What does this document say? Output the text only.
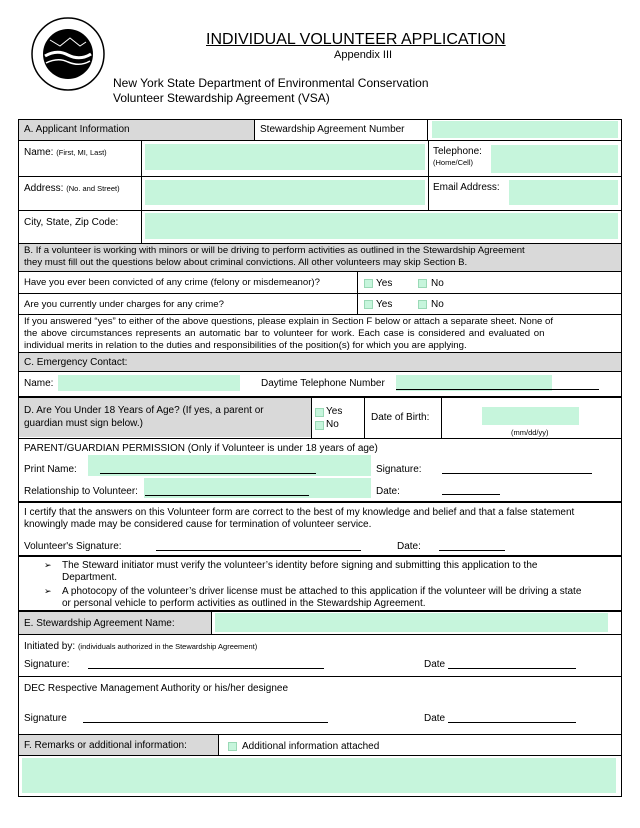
INDIVIDUAL VOLUNTEER APPLICATION
Appendix III
New York State Department of Environmental Conservation
Volunteer Stewardship Agreement (VSA)
A. Applicant Information	Stewardship Agreement Number
Name: (First, MI, Last)	Telephone:
(Home/Cell)
Address: (No. and Street)	Email Address:
City, State, Zip Code:
B. If a volunteer is working with minors or will be driving to perform activities as outlined in the Stewardship Agreement
they must fill out the questions below about criminal convictions. All other volunteers may skip Section B.
Have you ever been convicted of any crime (felony or misdemeanor)?	Yes	No
Are you currently under charges for any crime?	Yes	No
If you answered “yes” to either of the above questions, please explain in Section F below or attach a separate sheet. None of
the above circumstances represents an automatic bar to volunteer for work. Each case is considered and evaluated on
individual merits in relation to the duties and responsibilities of the position(s) for which you are applying.
C. Emergency Contact:
Name:	Daytime Telephone Number
D. Are You Under 18 Years of Age? (If yes, a parent or
guardian must sign below.)
Yes
No
Date of Birth:
(mm/dd/yy)
PARENT/GUARDIAN PERMISSION (Only if Volunteer is under 18 years of age)
Print Name:	Signature:
Relationship to Volunteer:	Date:
I certify that the answers on this Volunteer form are correct to the best of my knowledge and belief and that a false statement
knowingly made may be considered cause for termination of volunteer service.
Volunteer's Signature:	Date:
➢ The Steward initiator must verify the volunteer’s identity before signing and submitting this application to the
Department.
➢ A photocopy of the volunteer’s driver license must be attached to this application if the volunteer will be driving a state
or personal vehicle to perform activities as outlined in the Stewardship Agreement.
E. Stewardship Agreement Name:
Initiated by: (individuals authorized in the Stewardship Agreement)
Signature:	Date
DEC Respective Management Authority or his/her designee
Signature	Date
F. Remarks or additional information:	Additional information attached
